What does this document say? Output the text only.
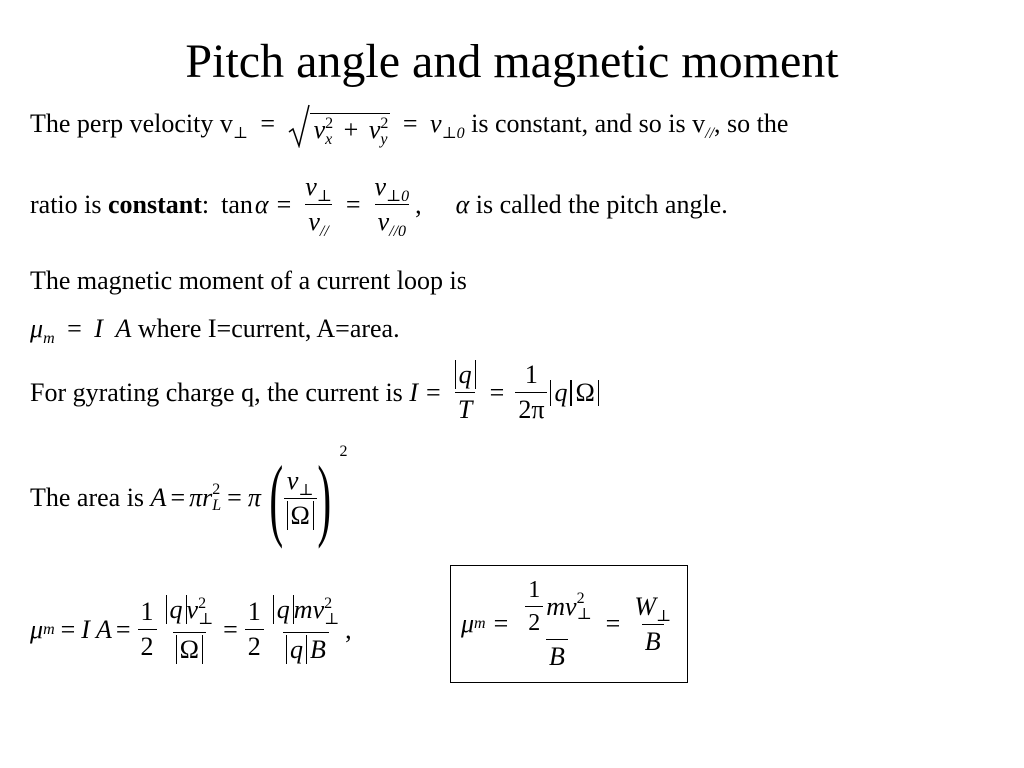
Pitch angle and magnetic moment
The perp velocity $v_\perp = v$ 2
x + v 2
y
= $v_{\perp 0}$ is constant, and so is $v_{//}$, so the
ratio is constant : $\tan \alpha = \frac{v_\perp}{v_{//}} = \frac{v_{\perp 0}}{v_{//0}}$ , α is called the pitch angle.
The magnetic moment of a current loop is
$\mu_m = I$ A where I=current, A=area.
For gyrating charge q, the current is $I = \frac{q}{T} = \frac{1}{2\pi}$ q Ω
The area is A = π r 2
L = π ( $\frac{v_\perp}{\Omega}$ ) 2
μ m = I $A = \frac{1}{2}$ q v 2
⊥
$\Omega = \frac{1}{2}$ q mv 2
⊥
q B ,	μ $m = \frac{1}{2}$ mv 2
⊥
$B = \frac{W_\perp}{B}$
